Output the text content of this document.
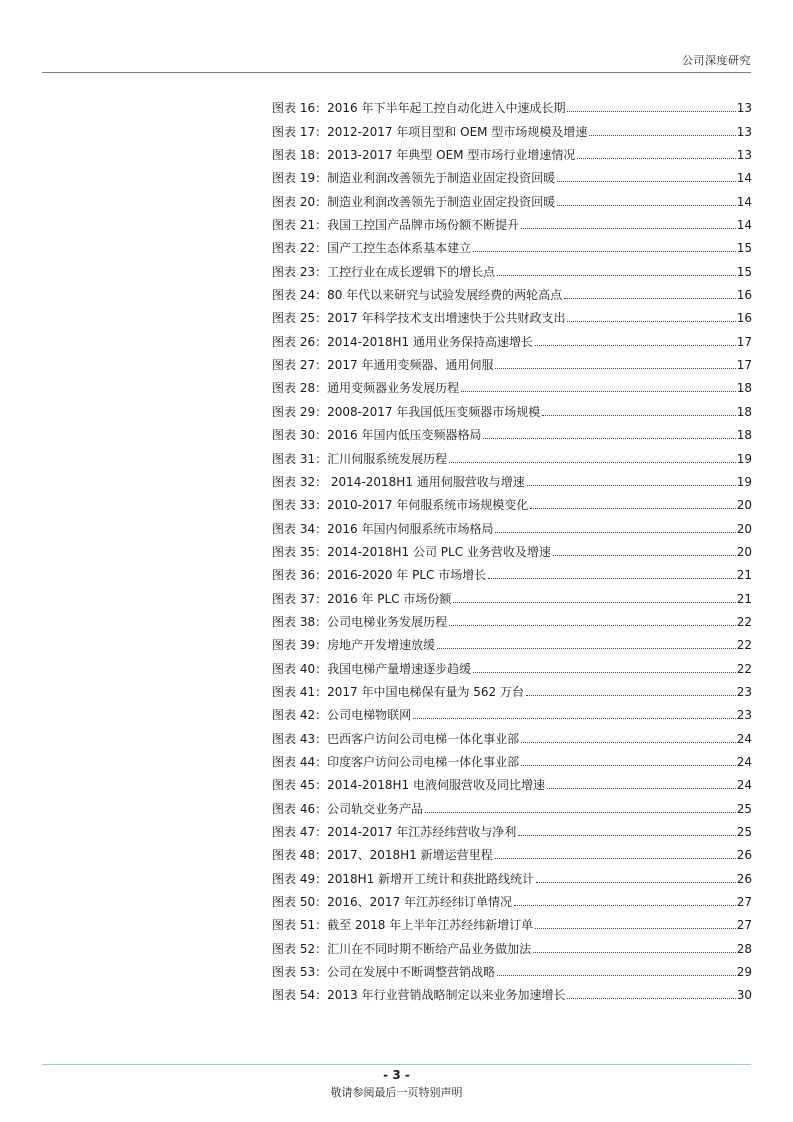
公司深度研究
图表 16：2016 年下半年起工控自动化进入中速成长期	13
图表 17：2012-2017 年项目型和 OEM 型市场规模及增速	13
图表 18：2013-2017 年典型 OEM 型市场行业增速情况	13
图表 19：制造业利润改善领先于制造业固定投资回暖	14
图表 20：制造业利润改善领先于制造业固定投资回暖	14
图表 21：我国工控国产品牌市场份额不断提升	14
图表 22：国产工控生态体系基本建立	15
图表 23：工控行业在成长逻辑下的增长点	15
图表 24：80 年代以来研究与试验发展经费的两轮高点	16
图表 25：2017 年科学技术支出增速快于公共财政支出	16
图表 26：2014-2018H1 通用业务保持高速增长	17
图表 27：2017 年通用变频器、通用伺服	17
图表 28：通用变频器业务发展历程	18
图表 29：2008-2017 年我国低压变频器市场规模	18
图表 30：2016 年国内低压变频器格局	18
图表 31：汇川伺服系统发展历程	19
图表 32： 2014-2018H1 通用伺服营收与增速	19
图表 33：2010-2017 年伺服系统市场规模变化	20
图表 34：2016 年国内伺服系统市场格局	20
图表 35：2014-2018H1 公司 PLC 业务营收及增速	20
图表 36：2016-2020 年 PLC 市场增长	21
图表 37：2016 年 PLC 市场份额	21
图表 38：公司电梯业务发展历程	22
图表 39：房地产开发增速放缓	22
图表 40：我国电梯产量增速逐步趋缓	22
图表 41：2017 年中国电梯保有量为 562 万台	23
图表 42：公司电梯物联网	23
图表 43：巴西客户访问公司电梯一体化事业部	24
图表 44：印度客户访问公司电梯一体化事业部	24
图表 45：2014-2018H1 电液伺服营收及同比增速	24
图表 46：公司轨交业务产品	25
图表 47：2014-2017 年江苏经纬营收与净利	25
图表 48：2017、2018H1 新增运营里程	26
图表 49：2018H1 新增开工统计和获批路线统计	26
图表 50：2016、2017 年江苏经纬订单情况	27
图表 51：截至 2018 年上半年江苏经纬新增订单	27
图表 52：汇川在不同时期不断给产品业务做加法	28
图表 53：公司在发展中不断调整营销战略	29
图表 54：2013 年行业营销战略制定以来业务加速增长	30
- 3 -
敬请参阅最后一页特别声明
